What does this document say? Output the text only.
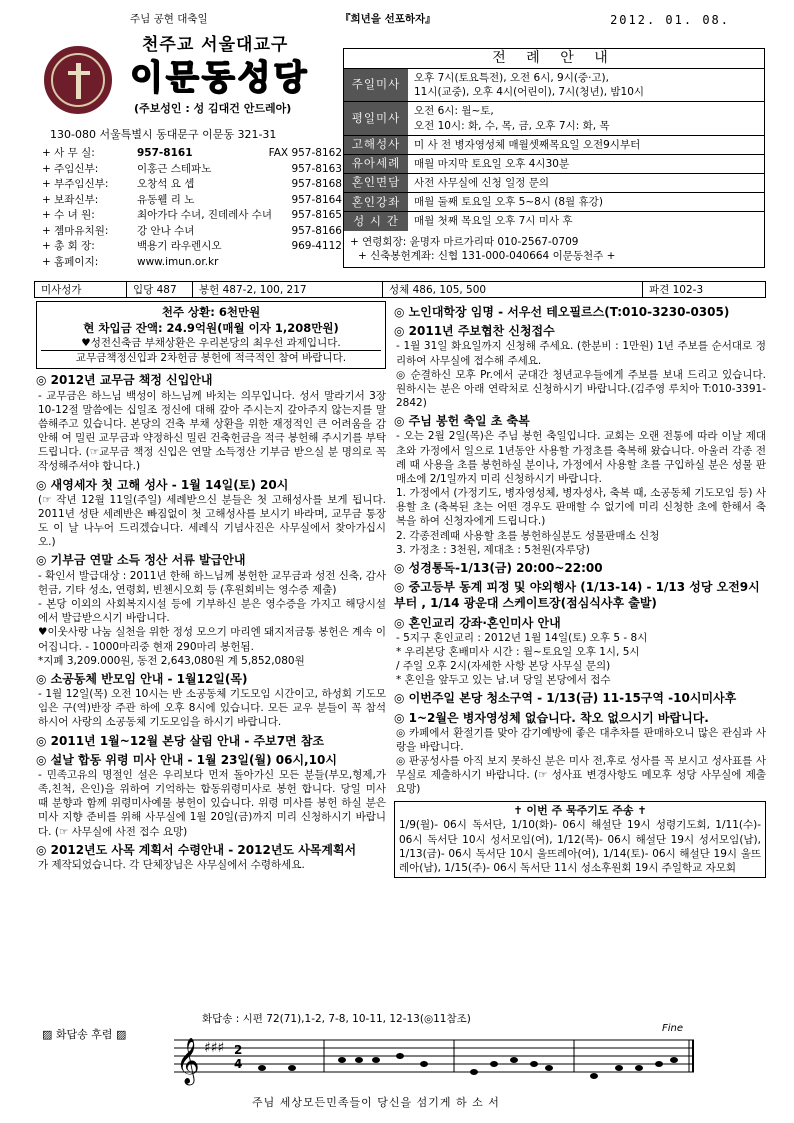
주님 공현 대축일	『희년을 선포하자』	2012. 01. 08.
천주교 서울대교구
이문동성당
(주보성인 : 성 김대건 안드레아)
130-080 서울특별시 동대문구 이문동 321-31
+ 사 무 실:	957-8161	FAX 957-8162
+ 주임신부:	이홍근 스테파노	957-8163
+ 부주임신부:	오창석 요 셉	957-8168
+ 보좌신부:	유동웰 리 노	957-8164
+ 수 녀 원:	최아가다 수녀, 진데레사 수녀	957-8165
+ 젬마유치원:	강 안나 수녀	957-8166
+ 총 회 장:	백용기 라우렌시오	969-4112
+ 홈페이지:	www.imun.or.kr
전 례 안 내
주일미사	오후 7시(토요특전), 오전 6시, 9시(중·고),
11시(교중), 오후 4시(어린이), 7시(청년), 밤10시
평일미사	오전 6시: 월~토,
오전 10시: 화, 수, 목, 금, 오후 7시: 화, 목
고해성사	미 사 전 병자영성체 매월셋째목요일 오전9시부터
유아세례	매월 마지막 토요일 오후 4시30분
혼인면담	사전 사무실에 신청 일정 문의
혼인강좌	매월 둘째 토요일 오후 5~8시 (8월 휴강)
성 시 간	매월 첫째 목요일 오후 7시 미사 후
+ 연령회장: 윤명자 마르가리따 010-2567-0709
+ 신축봉헌계좌: 신협 131-000-040664 이문동천주 +
미사성가	입당 487	봉헌 487-2, 100, 217	성체 486, 105, 500	파견 102-3
천주 상환: 6천만원
현 차입금 잔액: 24.9억원(매월 이자 1,208만원)
♥성전신축금 부채상환은 우리본당의 최우선 과제입니다.
교무금책정신입과 2차헌금 봉헌에 적극적인 참여 바랍니다.
◎ 2012년 교무금 책정 신입안내
- 교무금은 하느님 백성이 하느님께 바치는 의무입니다. 성서 말라기서 3장 10-12절 말씀에는 십일조 정신에 대해 갚아 주시는지 갚아주지 않는지를 말씀해주고 있습니다. 본당의 건축 부채 상환을 위한 재정적인 큰 어려움을 감안해 여 밀린 교무금과 약정하신 밀린 건축헌금을 적극 봉헌해 주시기를 부탁드립니다. (☞교무금 책정 신입은 연말 소득정산 기부금 받으실 분 명의로 꼭 작성해주셔야 합니다.)
◎ 새영세자 첫 고해 성사 - 1월 14일(토) 20시
(☞ 작년 12월 11일(주일) 세례받으신 분들은 첫 고해성사를 보게 됩니다. 2011년 성탄 세례반은 빠짐없이 첫 고해성사를 보시기 바라며, 교무금 통장도 이 날 나누어 드리겠습니다. 세례식 기념사진은 사무실에서 찾아가십시오.)
◎ 기부금 연말 소득 정산 서류 발급안내
- 확인서 발급대상 : 2011년 한해 하느님께 봉헌한 교무금과 성전 신축, 감사헌금, 기타 성소, 연령회, 빈첸시오회 등 (후원회비는 영수증 제출)
- 본당 이외의 사회복지시설 등에 기부하신 분은 영수증을 가지고 해당시설에서 발급받으시기 바랍니다.
♥이웃사랑 나눔 실천을 위한 정성 모으기 마리엔 돼지저금통 봉헌은 계속 이어집니다. - 1000마리중 현재 290마리 봉헌됨.
*지폐 3,209.000원, 동전 2,643,080원 계 5,852,080원
◎ 소공동체 반모임 안내 - 1월12일(목)
- 1월 12일(목) 오전 10시는 반 소공동체 기도모임 시간이고, 하성회 기도모임은 구(역)반장 주관 하에 오후 8시에 있습니다. 모든 교우 분들이 꼭 참석하시어 사랑의 소공동체 기도모임을 하시기 바랍니다.
◎ 2011년 1월~12월 본당 살림 안내 - 주보7면 참조
◎ 설날 합동 위령 미사 안내 - 1월 23일(월) 06시,10시
- 민족고유의 명절인 설은 우리보다 먼저 돌아가신 모든 분들(부모,형제,가족,친척, 은인)을 위하여 기억하는 합동위령미사로 봉헌 합니다. 당일 미사 때 분향과 함께 위령미사예물 봉헌이 있습니다. 위령 미사를 봉헌 하실 분은 미사 지향 준비를 위해 사무실에 1월 20일(금)까지 미리 신청하시기 바랍니다. (☞ 사무실에 사전 접수 요망)
◎ 2012년도 사목 계획서 수령안내 - 2012년도 사목계획서
가 제작되었습니다. 각 단체장님은 사무실에서 수령하세요.
◎ 노인대학장 임명 - 서우선 테오필르스(T:010-3230-0305)
◎ 2011년 주보협찬 신청접수
- 1월 31일 화요일까지 신청해 주세요. (한분비 : 1만원) 1년 주보를 순서대로 정리하여 사무실에 접수해 주세요.
◎ 순결하신 모후 Pr.에서 군대간 청년교우들에게 주보를 보내 드리고 있습니다. 원하시는 분은 아래 연락처로 신청하시기 바랍니다.(김주영 루치아 T:010-3391-2842)
◎ 주님 봉헌 축일 초 축복
- 오는 2월 2일(목)은 주님 봉헌 축일입니다. 교회는 오랜 전통에 따라 이날 제대초와 가정에서 일으로 1년동안 사용할 가정초를 축복해 왔습니다. 아울러 각종 전례 때 사용을 초를 봉헌하실 분이나, 가정에서 사용할 초를 구입하실 분은 성물 판매소에 2/1일까지 미리 신청하시기 바랍니다.
1. 가정에서 (가정기도, 병자영성체, 병자성사, 축복 때, 소공동체 기도모임 등) 사용할 초 (축복된 초는 어떤 경우도 판매할 수 없기에 미리 신청한 초에 한해서 축복을 하여 신청자에게 드립니다.)
2. 각종전례때 사용할 초를 봉헌하실분도 성물판매소 신청
3. 가정초 : 3천원, 제대초 : 5천원(자루당)
◎ 성경통독-1/13(금) 20:00~22:00
◎ 중고등부 동계 피정 및 야외행사 (1/13-14) - 1/13 성당 오전9시부터 , 1/14 광운대 스케이트장(점심식사후 출발)
◎ 혼인교리 강좌·혼인미사 안내
- 5지구 혼인교리 : 2012년 1월 14일(토) 오후 5 - 8시
* 우리본당 혼배미사 시간 : 월~토요일 오후 1시, 5시
/ 주일 오후 2시(자세한 사항 본당 사무실 문의)
* 혼인을 앞두고 있는 남.녀 당일 본당에서 접수
◎ 이번주일 본당 청소구역 - 1/13(금) 11-15구역 -10시미사후
◎ 1~2월은 병자영성체 없습니다. 착오 없으시기 바랍니다.
◎ 카페에서 환절기를 맞아 감기예방에 좋은 대추차를 판매하오니 많은 관심과 사랑을 바랍니다.
◎ 판공성사를 아직 보지 못하신 분은 미사 전,후로 성사를 꼭 보시고 성사표를 사무실로 제출하시기 바랍니다. (☞ 성사표 변경사항도 메모후 성당 사무실에 제출요망)
✝ 이번 주 묵주기도 주송 ✝
1/9(월)- 06시 독서단, 1/10(화)- 06시 해설단 19시 성령기도회, 1/11(수)- 06시 독서단 10시 성서모임(여), 1/12(목)- 06시 해설단 19시 성서모임(남), 1/13(금)- 06시 독서단 10시 울뜨레아(여), 1/14(토)- 06시 해설단 19시 울뜨레아(남), 1/15(주)- 06시 독서단 11시 성소후원회 19시 주일학교 자모회
▨ 화답송 후렴 ▨
화답송 : 시편 72(71),1-2, 7-8, 10-11, 12-13(◎11참조)
Fine
𝄞 ♯♯♯ 2
4
주님 세상모든민족들이 당신을 섬기게 하 소 서
